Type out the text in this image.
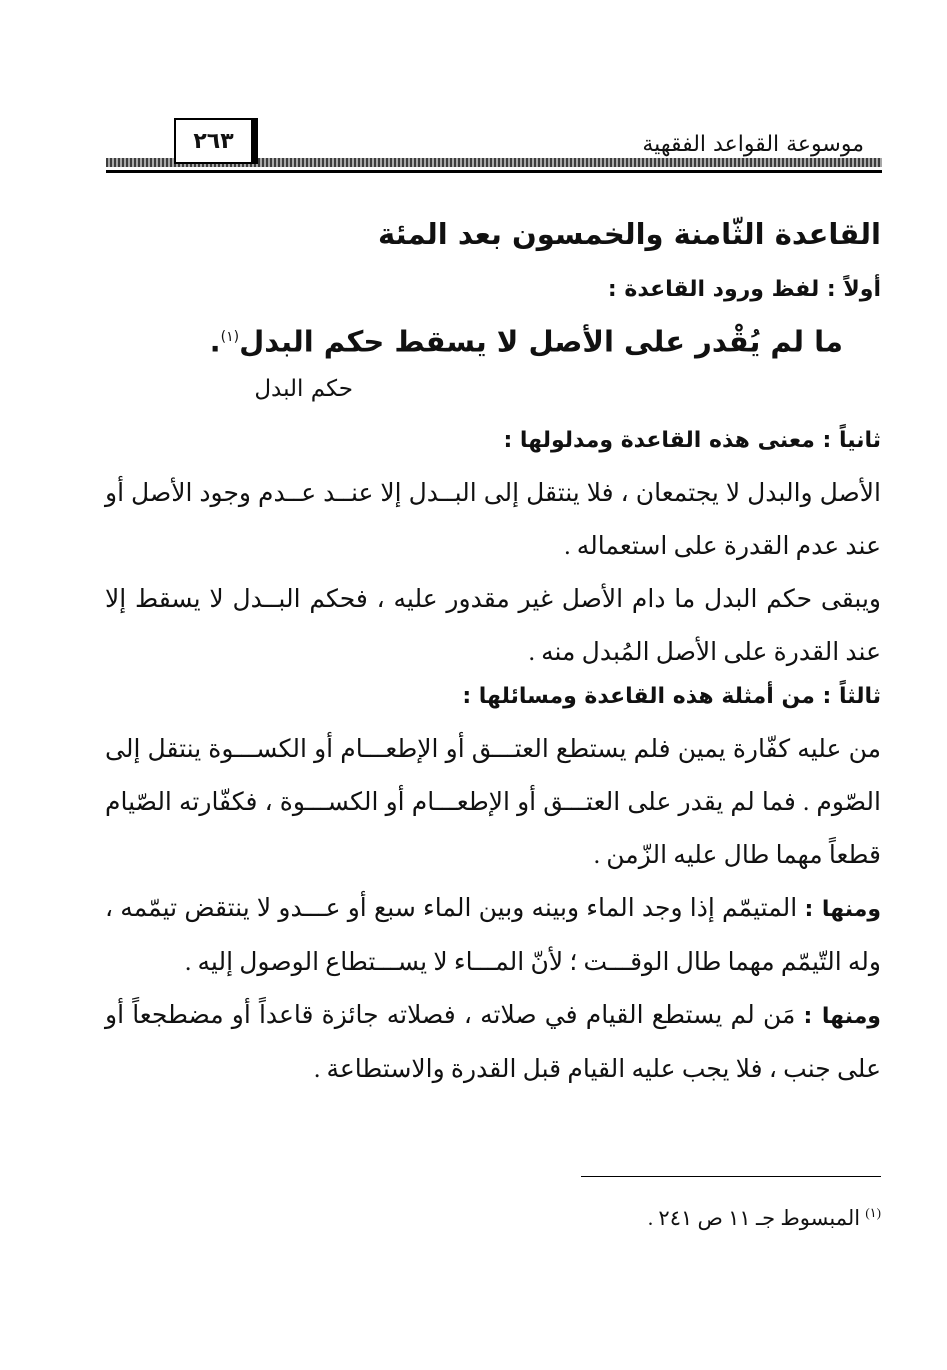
٢٦٣	موسوعة القواعد الفقهية
القاعدة الثّامنة والخمسون بعد المئة
أولاً : لفظ ورود القاعدة :

ما لم يُقْدر على الأصل لا يسقط حكم البدل$^{(١)}$.

حكم البدل
ثانياً : معنى هذه القاعدة ومدلولها :

الأصل والبدل لا يجتمعان ، فلا ينتقل إلى البــدل إلا عنــد عــدم وجود الأصل أو عند عدم القدرة على استعماله .

ويبقى حكم البدل ما دام الأصل غير مقدور عليه ، فحكم البــدل لا يسقط إلا عند القدرة على الأصل المُبدل منه .

ثالثاً : من أمثلة هذه القاعدة ومسائلها :

من عليه كفّارة يمين فلم يستطع العتـــق أو الإطعـــام أو الكســـوة ينتقل إلى الصّوم . فما لم يقدر على العتـــق أو الإطعـــام أو الكســـوة ، فكفّارته الصّيام قطعاً مهما طال عليه الزّمن .

ومنها : المتيمّم إذا وجد الماء وبينه وبين الماء سبع أو عـــدو لا ينتقض تيمّمه ، وله التّيمّم مهما طال الوقـــت ؛ لأنّ المـــاء لا يســـتطاع الوصول إليه .

ومنها : مَن لم يستطع القيام في صلاته ، فصلاته جائزة قاعداً أو مضطجعاً أو على جنب ، فلا يجب عليه القيام قبل القدرة والاستطاعة .

$^{(١)}$ المبسوط جـ ١١ ص ٢٤١ .
